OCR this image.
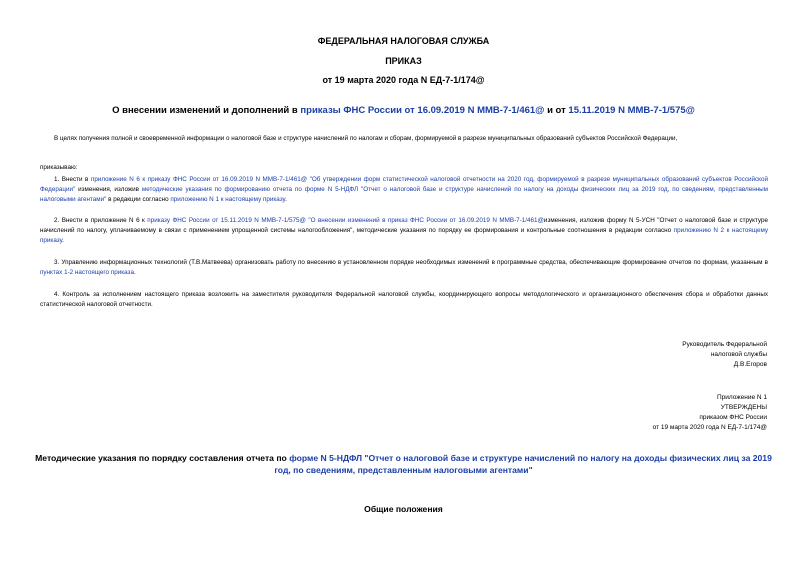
ФЕДЕРАЛЬНАЯ НАЛОГОВАЯ СЛУЖБА
ПРИКАЗ
от 19 марта 2020 года N ЕД-7-1/174@
О внесении изменений и дополнений в приказы ФНС России от 16.09.2019 N ММВ-7-1/461@ и от 15.11.2019 N ММВ-7-1/575@
В целях получения полной и своевременной информации о налоговой базе и структуре начислений по налогам и сборам, формируемой в разрезе муниципальных образований субъектов Российской Федерации,
приказываю:
1. Внести в приложение N 6 к приказу ФНС России от 16.09.2019 N ММВ-7-1/461@ "Об утверждении форм статистической налоговой отчетности на 2020 год, формируемой в разрезе муниципальных образований субъектов Российской Федерации" изменения, изложив методические указания по формированию отчета по форме N 5-НДФЛ "Отчет о налоговой базе и структуре начислений по налогу на доходы физических лиц за 2019 год, по сведениям, представленным налоговыми агентами" в редакции согласно приложению N 1 к настоящему приказу.
2. Внести в приложение N 6 к приказу ФНС России от 15.11.2019 N ММВ-7-1/575@ "О внесении изменений в приказ ФНС России от 16.09.2019 N ММВ-7-1/461@изменения, изложив форму N 5-УСН "Отчет о налоговой базе и структуре начислений по налогу, уплачиваемому в связи с применением упрощенной системы налогообложения", методические указания по порядку ее формирования и контрольные соотношения в редакции согласно приложению N 2 к настоящему приказу.
3. Управлению информационных технологий (Т.В.Матвеева) организовать работу по внесению в установленном порядке необходимых изменений в программные средства, обеспечивающие формирование отчетов по формам, указанным в пунктах 1-2 настоящего приказа.
4. Контроль за исполнением настоящего приказа возложить на заместителя руководителя Федеральной налоговой службы, координирующего вопросы методологического и организационного обеспечения сбора и обработки данных статистической налоговой отчетности.
Руководитель Федеральной
налоговой службы
Д.В.Егоров
Приложение N 1
УТВЕРЖДЕНЫ
приказом ФНС России
от 19 марта 2020 года N ЕД-7-1/174@
Методические указания по порядку составления отчета по форме N 5-НДФЛ "Отчет о налоговой базе и структуре начислений по налогу на доходы физических лиц за 2019 год, по сведениям, представленным налоговыми агентами"
Общие положения
